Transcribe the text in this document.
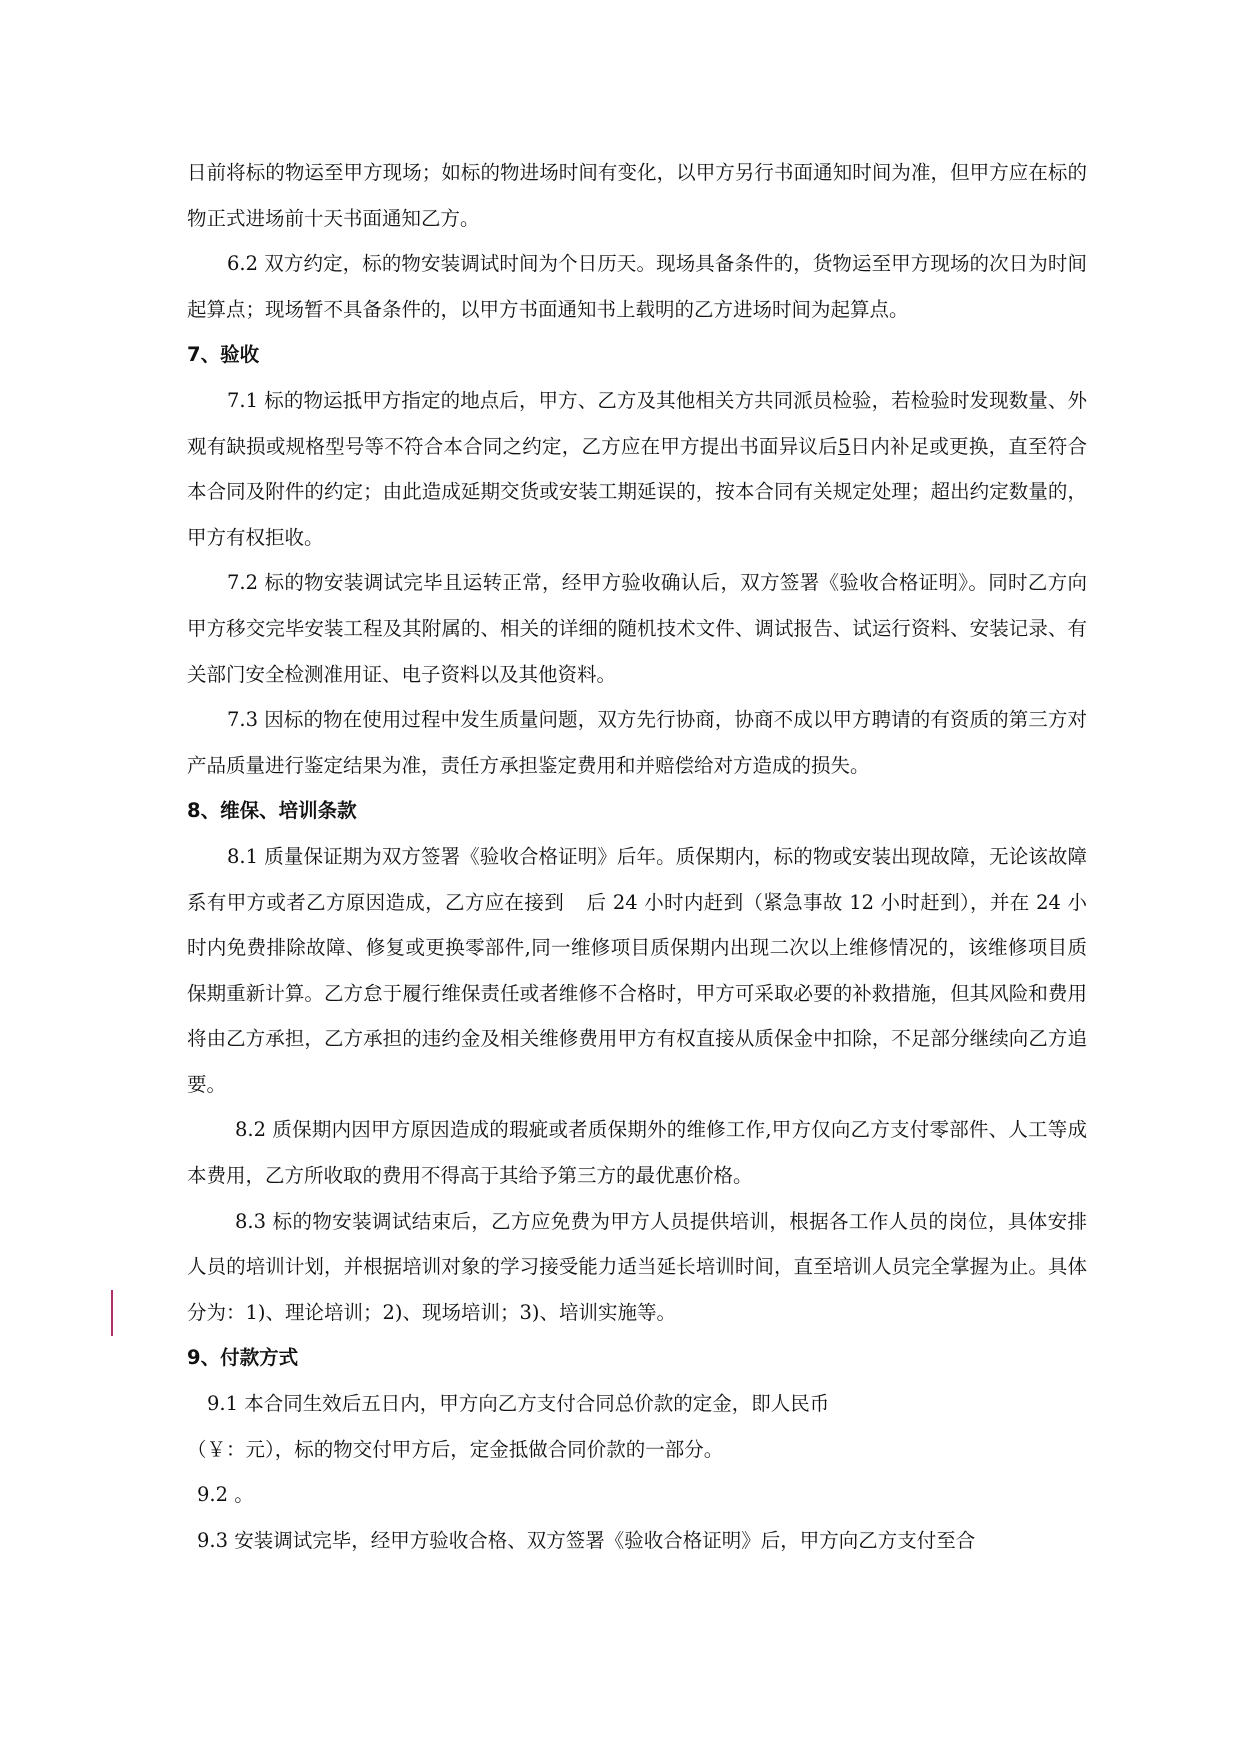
日前将标的物运至甲方现场；如标的物进场时间有变化，以甲方另行书面通知时间为准，但甲方应在标的物正式进场前十天书面通知乙方。

6.2 双方约定，标的物安装调试时间为个日历天。现场具备条件的，货物运至甲方现场的次日为时间起算点；现场暂不具备条件的，以甲方书面通知书上载明的乙方进场时间为起算点。

7、验收

7.1 标的物运抵甲方指定的地点后，甲方、乙方及其他相关方共同派员检验，若检验时发现数量、外观有缺损或规格型号等不符合本合同之约定，乙方应在甲方提出书面异议后5日内补足或更换，直至符合本合同及附件的约定；由此造成延期交货或安装工期延误的，按本合同有关规定处理；超出约定数量的，甲方有权拒收。

7.2 标的物安装调试完毕且运转正常，经甲方验收确认后，双方签署《验收合格证明》。同时乙方向甲方移交完毕安装工程及其附属的、相关的详细的随机技术文件、调试报告、试运行资料、安装记录、有关部门安全检测准用证、电子资料以及其他资料。

7.3 因标的物在使用过程中发生质量问题，双方先行协商，协商不成以甲方聘请的有资质的第三方对产品质量进行鉴定结果为准，责任方承担鉴定费用和并赔偿给对方造成的损失。

8、维保、培训条款

8.1 质量保证期为双方签署《验收合格证明》后年。质保期内，标的物或安装出现故障，无论该故障系有甲方或者乙方原因造成，乙方应在接到 后 24 小时内赶到（紧急事故 12 小时赶到），并在 24 小时内免费排除故障、修复或更换零部件,同一维修项目质保期内出现二次以上维修情况的，该维修项目质保期重新计算。乙方怠于履行维保责任或者维修不合格时，甲方可采取必要的补救措施，但其风险和费用将由乙方承担，乙方承担的违约金及相关维修费用甲方有权直接从质保金中扣除，不足部分继续向乙方追要。

8.2 质保期内因甲方原因造成的瑕疵或者质保期外的维修工作,甲方仅向乙方支付零部件、人工等成本费用，乙方所收取的费用不得高于其给予第三方的最优惠价格。

8.3 标的物安装调试结束后，乙方应免费为甲方人员提供培训，根据各工作人员的岗位，具体安排人员的培训计划，并根据培训对象的学习接受能力适当延长培训时间，直至培训人员完全掌握为止。具体分为：1)、理论培训；2)、现场培训；3)、培训实施等。

9、付款方式

9.1 本合同生效后五日内，甲方向乙方支付合同总价款的定金，即人民币

（￥：元），标的物交付甲方后，定金抵做合同价款的一部分。

9.2 。

9.3 安装调试完毕，经甲方验收合格、双方签署《验收合格证明》后，甲方向乙方支付至合
